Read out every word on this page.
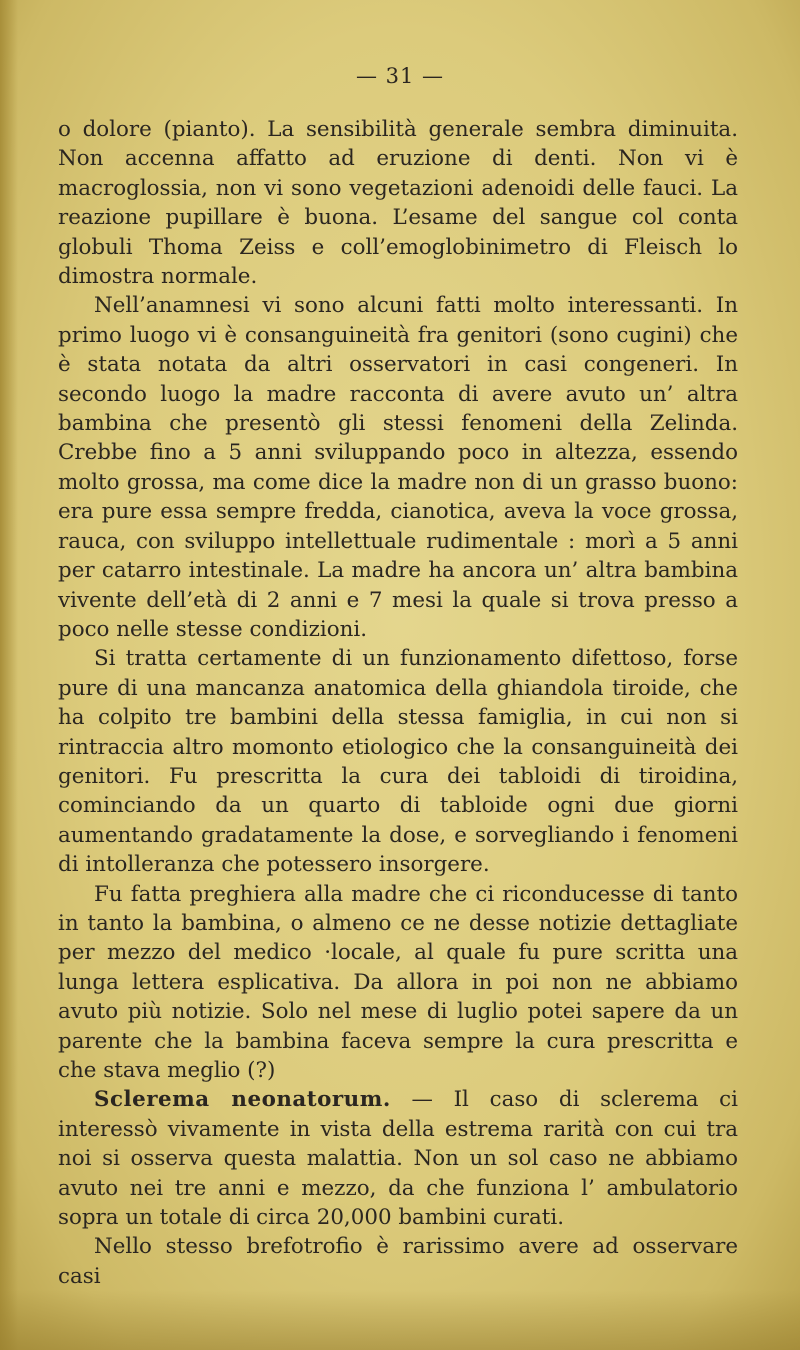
— 31 —

o dolore (pianto). La sensibilità generale sembra diminuita. Non accenna affatto ad eruzione di denti. Non vi è macroglossia, non vi sono vegetazioni adenoidi delle fauci. La reazione pupillare è buona. L’esame del sangue col conta globuli Thoma Zeiss e coll’emoglobinimetro di Fleisch lo dimostra normale.

Nell’anamnesi vi sono alcuni fatti molto interessanti. In primo luogo vi è consanguineità fra genitori (sono cugini) che è stata notata da altri osservatori in casi congeneri. In secondo luogo la madre racconta di avere avuto un’ altra bambina che presentò gli stessi fenomeni della Zelinda. Crebbe fino a 5 anni sviluppando poco in altezza, essendo molto grossa, ma come dice la madre non di un grasso buono: era pure essa sempre fredda, cianotica, aveva la voce grossa, rauca, con sviluppo intellettuale rudimentale : morì a 5 anni per catarro intestinale. La madre ha ancora un’ altra bambina vivente dell’età di 2 anni e 7 mesi la quale si trova presso a poco nelle stesse condizioni.

Si tratta certamente di un funzionamento difettoso, forse pure di una mancanza anatomica della ghiandola tiroide, che ha colpito tre bambini della stessa famiglia, in cui non si rintraccia altro momonto etiologico che la consanguineità dei genitori. Fu prescritta la cura dei tabloidi di tiroidina, cominciando da un quarto di tabloide ogni due giorni aumentando gradatamente la dose, e sorvegliando i fenomeni di intolleranza che potessero insorgere.

Fu fatta preghiera alla madre che ci riconducesse di tanto in tanto la bambina, o almeno ce ne desse notizie dettagliate per mezzo del medico ·locale, al quale fu pure scritta una lunga lettera esplicativa. Da allora in poi non ne abbiamo avuto più notizie. Solo nel mese di luglio potei sapere da un parente che la bambina faceva sempre la cura prescritta e che stava meglio (?)

Sclerema neonatorum. — Il caso di sclerema ci interessò vivamente in vista della estrema rarità con cui tra noi si osserva questa malattia. Non un sol caso ne abbiamo avuto nei tre anni e mezzo, da che funziona l’ ambulatorio sopra un totale di circa 20,000 bambini curati.

Nello stesso brefotrofio è rarissimo avere ad osservare casi
